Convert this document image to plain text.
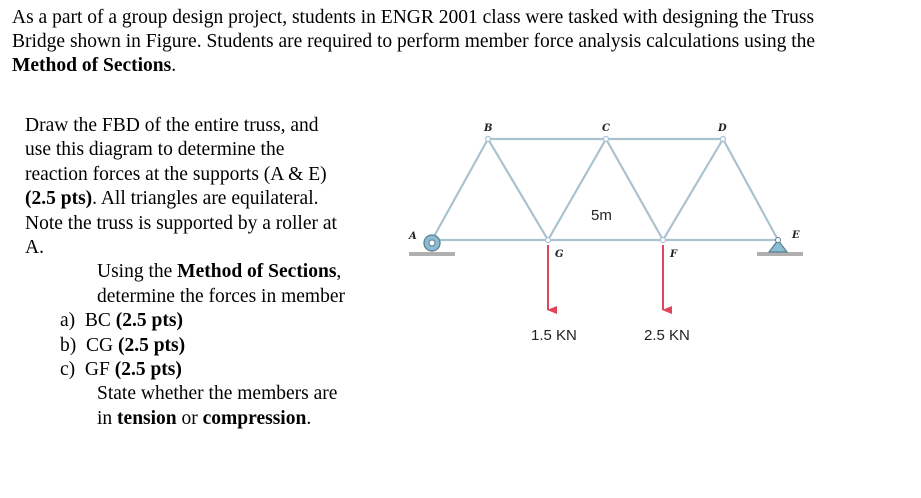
As a part of a group design project, students in ENGR 2001 class were tasked with designing the Truss

Bridge shown in Figure. Students are required to perform member force analysis calculations using the

Method of Sections.

Draw the FBD of the entire truss, and use this diagram to determine the reaction forces at the supports (A & E) (2.5 pts). All triangles are equilateral. Note the truss is supported by a roller at A.

Using the Method of Sections, determine the forces in member

a) BC (2.5 pts)
b) CG (2.5 pts)
c) GF (2.5 pts)

State whether the members are in tension or compression.

A
B	C	D
E
G	F
5m
1.5 KN	2.5 KN
